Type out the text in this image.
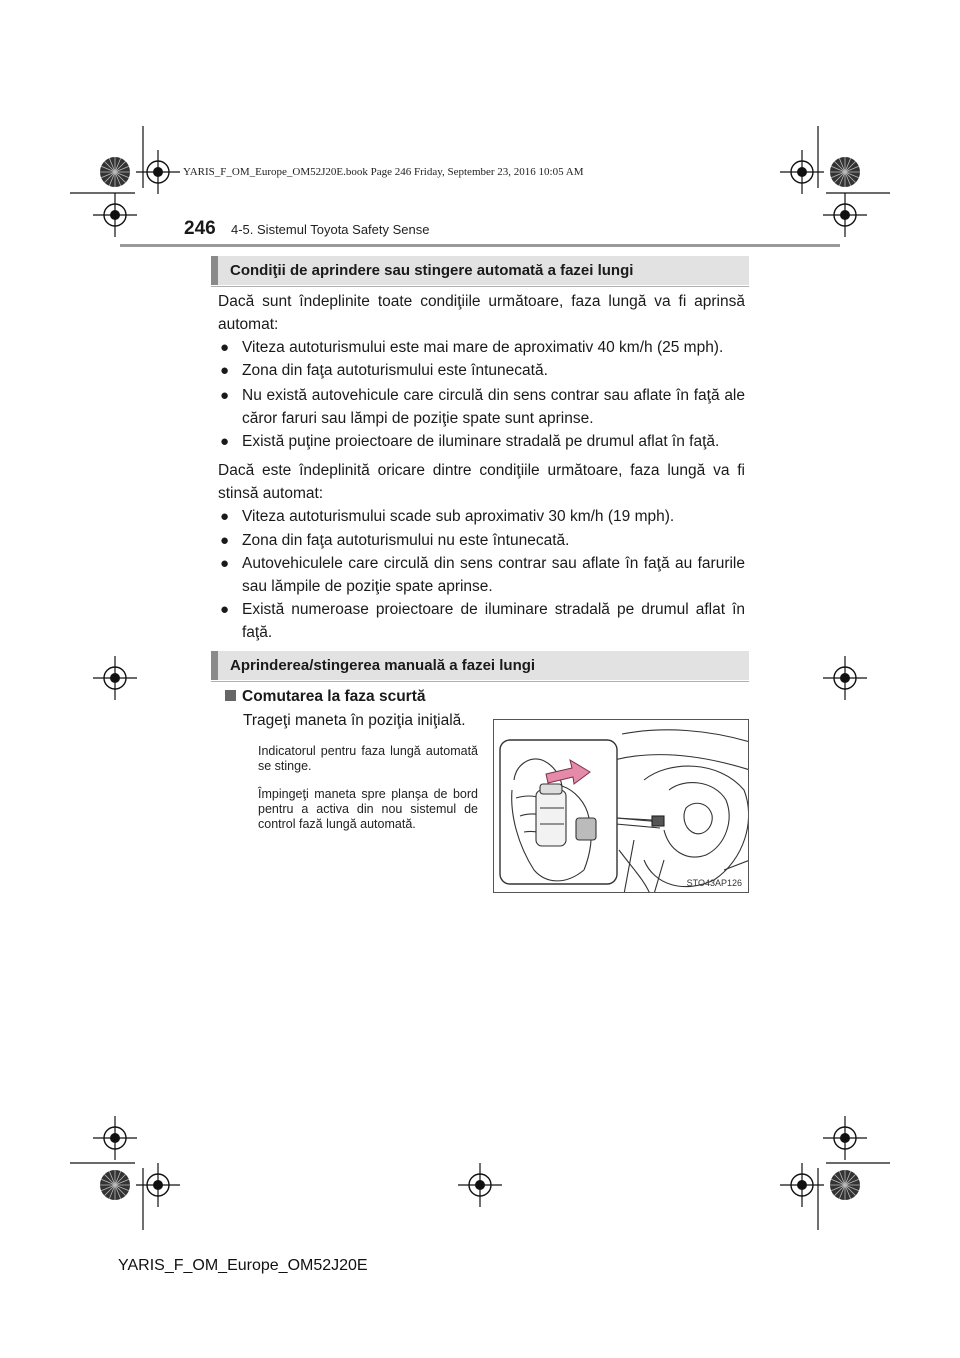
YARIS_F_OM_Europe_OM52J20E.book Page 246 Friday, September 23, 2016 10:05 AM
246 4-5. Sistemul Toyota Safety Sense
Condiţii de aprindere sau stingere automată a fazei lungi
Dacă sunt îndeplinite toate condiţiile următoare, faza lungă va fi aprinsă automat:
● Viteza autoturismului este mai mare de aproximativ 40 km/h (25 mph).
● Zona din faţa autoturismului este întunecată.
● Nu există autovehicule care circulă din sens contrar sau aflate în faţă ale căror faruri sau lămpi de poziţie spate sunt aprinse.
● Există puţine proiectoare de iluminare stradală pe drumul aflat în faţă.
Dacă este îndeplinită oricare dintre condiţiile următoare, faza lungă va fi stinsă automat:
● Viteza autoturismului scade sub aproximativ 30 km/h (19 mph).
● Zona din faţa autoturismului nu este întunecată.
● Autovehiculele care circulă din sens contrar sau aflate în faţă au farurile sau lămpile de poziţie spate aprinse.
● Există numeroase proiectoare de iluminare stradală pe drumul aflat în faţă.
Aprinderea/stingerea manuală a fazei lungi
Comutarea la faza scurtă
Trageţi maneta în poziţia iniţială.
Indicatorul pentru faza lungă automată se stinge.
Împingeţi maneta spre planşa de bord pentru a activa din nou sistemul de control fază lungă automată.
STO43AP126
YARIS_F_OM_Europe_OM52J20E
